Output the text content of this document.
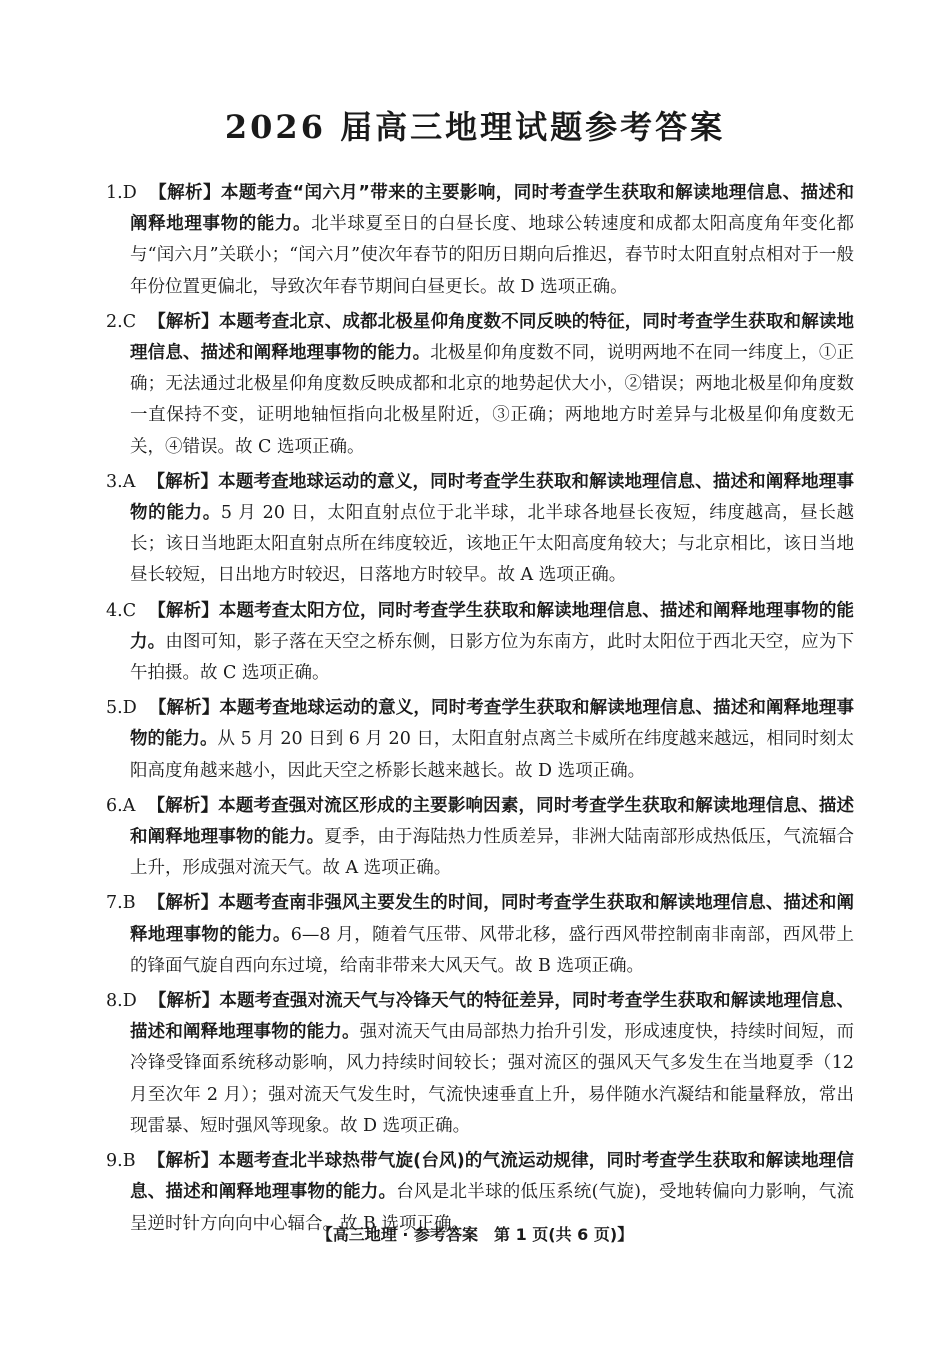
2026 届高三地理试题参考答案
1.D 【解析】本题考查“闰六月”带来的主要影响，同时考查学生获取和解读地理信息、描述和阐释地理事物的能力。北半球夏至日的白昼长度、地球公转速度和成都太阳高度角年变化都与“闰六月”关联小；“闰六月”使次年春节的阳历日期向后推迟，春节时太阳直射点相对于一般年份位置更偏北，导致次年春节期间白昼更长。故 D 选项正确。
2.C 【解析】本题考查北京、成都北极星仰角度数不同反映的特征，同时考查学生获取和解读地理信息、描述和阐释地理事物的能力。北极星仰角度数不同，说明两地不在同一纬度上，①正确；无法通过北极星仰角度数反映成都和北京的地势起伏大小，②错误；两地北极星仰角度数一直保持不变，证明地轴恒指向北极星附近，③正确；两地地方时差异与北极星仰角度数无关，④错误。故 C 选项正确。
3.A 【解析】本题考查地球运动的意义，同时考查学生获取和解读地理信息、描述和阐释地理事物的能力。5 月 20 日，太阳直射点位于北半球，北半球各地昼长夜短，纬度越高，昼长越长；该日当地距太阳直射点所在纬度较近，该地正午太阳高度角较大；与北京相比，该日当地昼长较短，日出地方时较迟，日落地方时较早。故 A 选项正确。
4.C 【解析】本题考查太阳方位，同时考查学生获取和解读地理信息、描述和阐释地理事物的能力。由图可知，影子落在天空之桥东侧，日影方位为东南方，此时太阳位于西北天空，应为下午拍摄。故 C 选项正确。
5.D 【解析】本题考查地球运动的意义，同时考查学生获取和解读地理信息、描述和阐释地理事物的能力。从 5 月 20 日到 6 月 20 日，太阳直射点离兰卡威所在纬度越来越远，相同时刻太阳高度角越来越小，因此天空之桥影长越来越长。故 D 选项正确。
6.A 【解析】本题考查强对流区形成的主要影响因素，同时考查学生获取和解读地理信息、描述和阐释地理事物的能力。夏季，由于海陆热力性质差异，非洲大陆南部形成热低压，气流辐合上升，形成强对流天气。故 A 选项正确。
7.B 【解析】本题考查南非强风主要发生的时间，同时考查学生获取和解读地理信息、描述和阐释地理事物的能力。6—8 月，随着气压带、风带北移，盛行西风带控制南非南部，西风带上的锋面气旋自西向东过境，给南非带来大风天气。故 B 选项正确。
8.D 【解析】本题考查强对流天气与冷锋天气的特征差异，同时考查学生获取和解读地理信息、描述和阐释地理事物的能力。强对流天气由局部热力抬升引发，形成速度快，持续时间短，而冷锋受锋面系统移动影响，风力持续时间较长；强对流区的强风天气多发生在当地夏季（12 月至次年 2 月）；强对流天气发生时，气流快速垂直上升，易伴随水汽凝结和能量释放，常出现雷暴、短时强风等现象。故 D 选项正确。
9.B 【解析】本题考查北半球热带气旋(台风)的气流运动规律，同时考查学生获取和解读地理信息、描述和阐释地理事物的能力。台风是北半球的低压系统(气旋)，受地转偏向力影响，气流呈逆时针方向向中心辐合。故 B 选项正确。
【高三地理 · 参考答案　第 1 页(共 6 页)】
